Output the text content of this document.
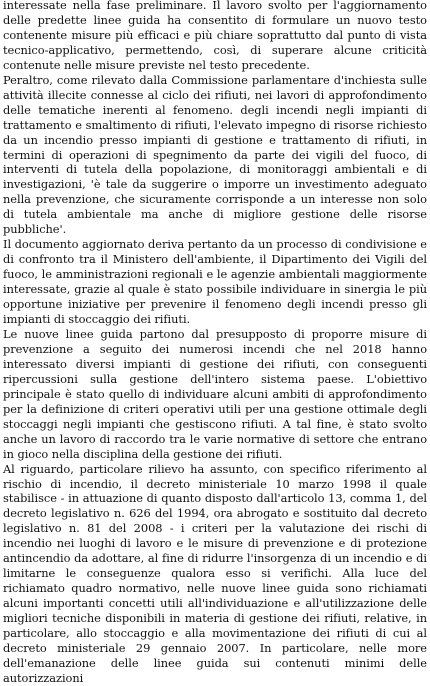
interessate nella fase preliminare. Il lavoro svolto per l'aggiornamento delle predette linee guida ha consentito di formulare un nuovo testo contenente misure più efficaci e più chiare soprattutto dal punto di vista tecnico-applicativo, permettendo, così, di superare alcune criticità contenute nelle misure previste nel testo precedente.

Peraltro, come rilevato dalla Commissione parlamentare d'inchiesta sulle attività illecite connesse al ciclo dei rifiuti, nei lavori di approfondimento delle tematiche inerenti al fenomeno. degli incendi negli impianti di trattamento e smaltimento di rifiuti, l'elevato impegno di risorse richiesto da un incendio presso impianti di gestione e trattamento di rifiuti, in termini di operazioni di spegnimento da parte dei vigili del fuoco, di interventi di tutela della popolazione, di monitoraggi ambientali e di investigazioni, 'è tale da suggerire o imporre un investimento adeguato nella prevenzione, che sicuramente corrisponde a un interesse non solo di tutela ambientale ma anche di migliore gestione delle risorse pubbliche'.

Il documento aggiornato deriva pertanto da un processo di condivisione e di confronto tra il Ministero dell'ambiente, il Dipartimento dei Vigili del fuoco, le amministrazioni regionali e le agenzie ambientali maggiormente interessate, grazie al quale è stato possibile individuare in sinergia le più opportune iniziative per prevenire il fenomeno degli incendi presso gli impianti di stoccaggio dei rifiuti.

Le nuove linee guida partono dal presupposto di proporre misure di prevenzione a seguito dei numerosi incendi che nel 2018 hanno interessato diversi impianti di gestione dei rifiuti, con conseguenti ripercussioni sulla gestione dell'intero sistema paese. L'obiettivo principale è stato quello di individuare alcuni ambiti di approfondimento per la definizione di criteri operativi utili per una gestione ottimale degli stoccaggi negli impianti che gestiscono rifiuti. A tal fine, è stato svolto anche un lavoro di raccordo tra le varie normative di settore che entrano in gioco nella disciplina della gestione dei rifiuti.

Al riguardo, particolare rilievo ha assunto, con specifico riferimento al rischio di incendio, il decreto ministeriale 10 marzo 1998 il quale stabilisce - in attuazione di quanto disposto dall'articolo 13, comma 1, del decreto legislativo n. 626 del 1994, ora abrogato e sostituito dal decreto legislativo n. 81 del 2008 - i criteri per la valutazione dei rischi di incendio nei luoghi di lavoro e le misure di prevenzione e di protezione antincendio da adottare, al fine di ridurre l'insorgenza di un incendio e di limitarne le conseguenze qualora esso si verifichi. Alla luce del richiamato quadro normativo, nelle nuove linee guida sono richiamati alcuni importanti concetti utili all'individuazione e all'utilizzazione delle migliori tecniche disponibili in materia di gestione dei rifiuti, relative, in particolare, allo stoccaggio e alla movimentazione dei rifiuti di cui al decreto ministeriale 29 gennaio 2007. In particolare, nelle more dell'emanazione delle linee guida sui contenuti minimi delle autorizzazioni
